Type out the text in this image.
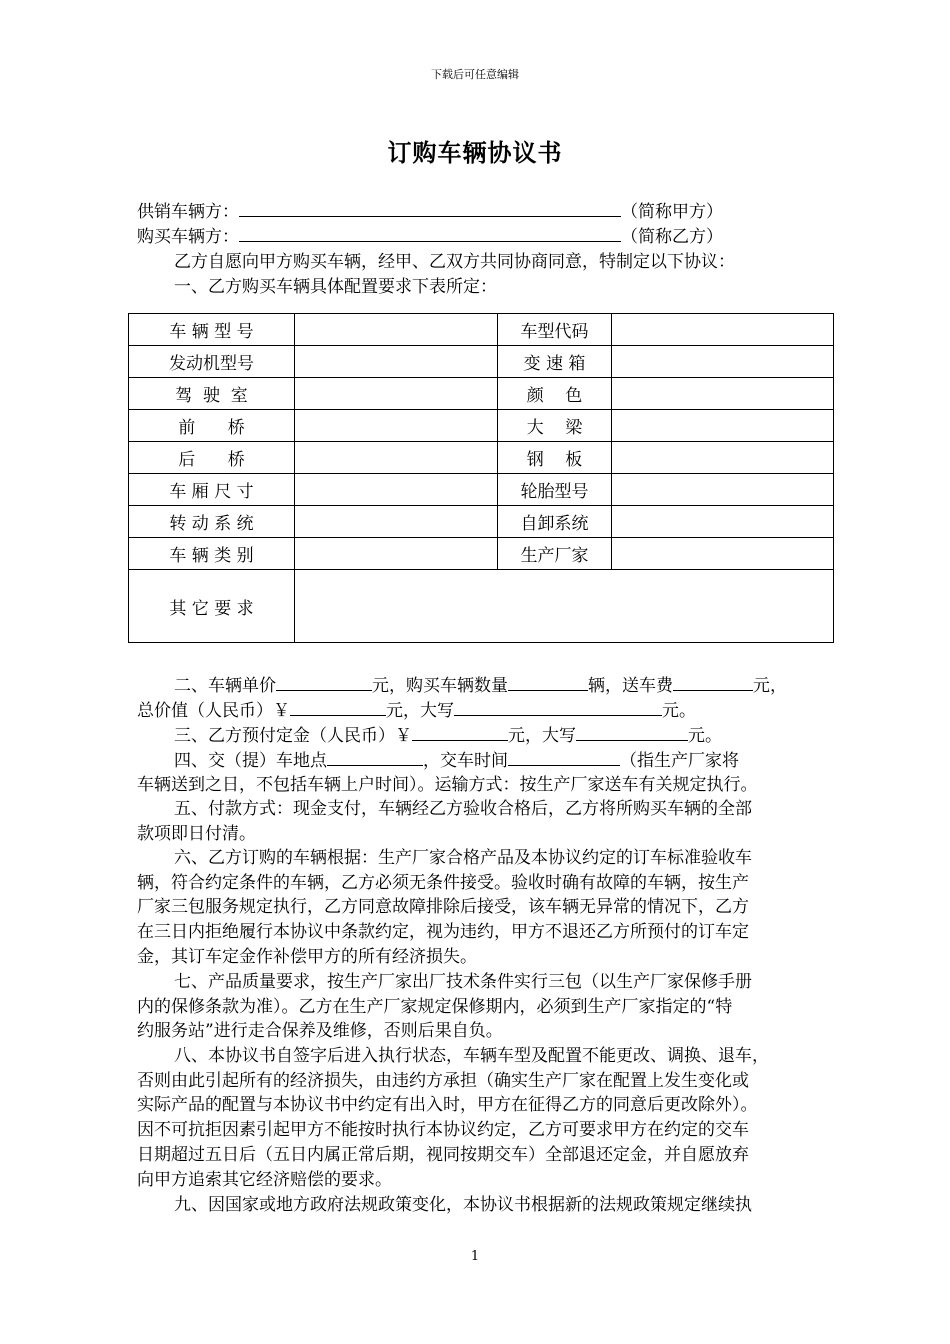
下载后可任意编辑
订购车辆协议书
供销车辆方：	（简称甲方）
购买车辆方：	（简称乙方）
乙方自愿向甲方购买车辆，经甲、乙双方共同协商同意，特制定以下协议：
一、乙方购买车辆具体配置要求下表所定：
车 辆 型 号		车型代码	
发动机型号		变 速 箱	
驾  驶  室		颜    色	
前      桥		大    梁	
后      桥		钢    板	
车 厢 尺 寸		轮胎型号	
转 动 系 统		自卸系统	
车 辆 类 别		生产厂家	
其 它 要 求			
二、车辆单价	元，购买车辆数量	辆，送车费	元，
总价值（人民币）￥	元，大写	元。
三、乙方预付定金（人民币）￥	元，大写	元。
四、交（提）车地点	，交车时间	（指生产厂家将
车辆送到之日，不包括车辆上户时间）。运输方式：按生产厂家送车有关规定执行。
五、付款方式：现金支付，车辆经乙方验收合格后，乙方将所购买车辆的全部
款项即日付清。
六、乙方订购的车辆根据：生产厂家合格产品及本协议约定的订车标准验收车
辆，符合约定条件的车辆，乙方必须无条件接受。验收时确有故障的车辆，按生产
厂家三包服务规定执行，乙方同意故障排除后接受，该车辆无异常的情况下，乙方
在三日内拒绝履行本协议中条款约定，视为违约，甲方不退还乙方所预付的订车定
金，其订车定金作补偿甲方的所有经济损失。
七、产品质量要求，按生产厂家出厂技术条件实行三包（以生产厂家保修手册
内的保修条款为准）。乙方在生产厂家规定保修期内，必须到生产厂家指定的“特
约服务站”进行走合保养及维修，否则后果自负。
八、本协议书自签字后进入执行状态，车辆车型及配置不能更改、调换、退车，
否则由此引起所有的经济损失，由违约方承担（确实生产厂家在配置上发生变化或
实际产品的配置与本协议书中约定有出入时，甲方在征得乙方的同意后更改除外）。
因不可抗拒因素引起甲方不能按时执行本协议约定，乙方可要求甲方在约定的交车
日期超过五日后（五日内属正常后期，视同按期交车）全部退还定金，并自愿放弃
向甲方追索其它经济赔偿的要求。
九、因国家或地方政府法规政策变化，本协议书根据新的法规政策规定继续执
1
